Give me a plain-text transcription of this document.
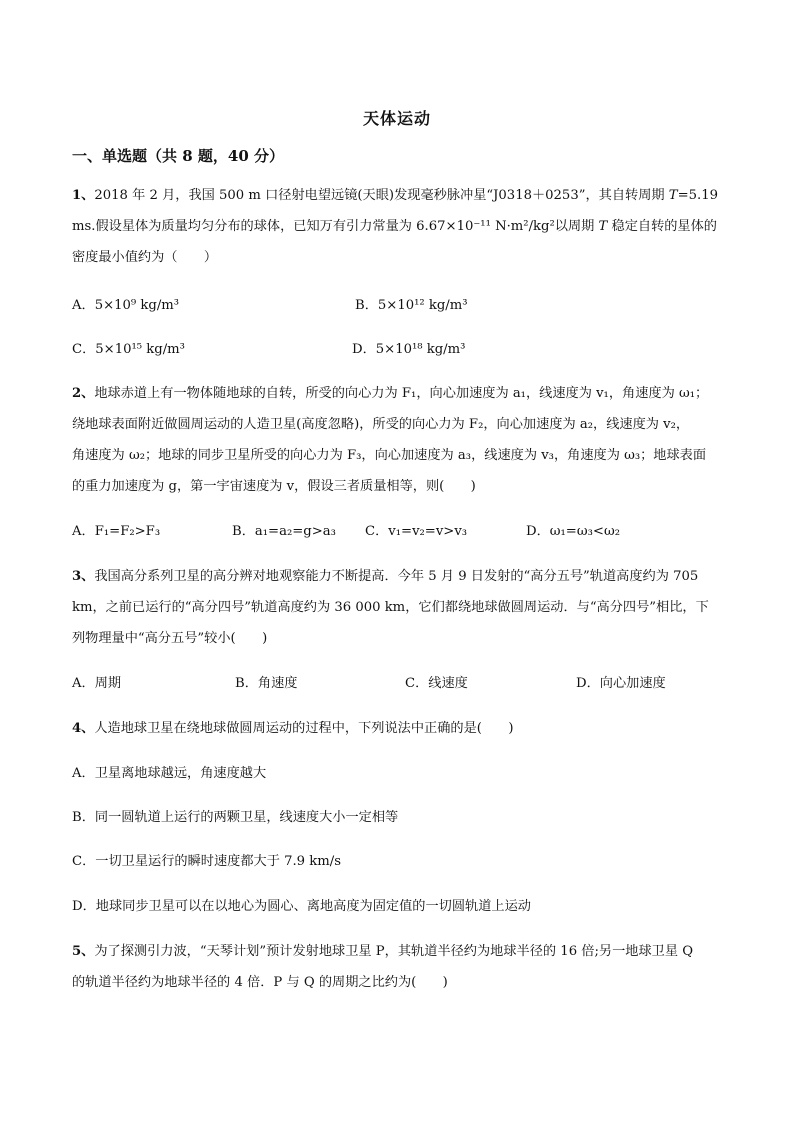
天体运动
一、单选题（共 8 题，40 分）
1、2018 年 2 月，我国 500 m 口径射电望远镜(天眼)发现毫秒脉冲星“J0318＋0253”，其自转周期 𝑇=5.19
ms.假设星体为质量均匀分布的球体，已知万有引力常量为 6.67×10⁻¹¹ N·m²/kg²以周期 𝑇 稳定自转的星体的
密度最小值约为（　　）
A．5×10⁹ kg/m³	B．5×10¹² kg/m³
C．5×10¹⁵ kg/m³	D．5×10¹⁸ kg/m³
2、地球赤道上有一物体随地球的自转，所受的向心力为 F₁，向心加速度为 a₁，线速度为 v₁，角速度为 ω₁；
绕地球表面附近做圆周运动的人造卫星(高度忽略)，所受的向心力为 F₂，向心加速度为 a₂，线速度为 v₂，
角速度为 ω₂；地球的同步卫星所受的向心力为 F₃，向心加速度为 a₃，线速度为 v₃，角速度为 ω₃；地球表面
的重力加速度为 g，第一宇宙速度为 v，假设三者质量相等，则(　　)
A．F₁=F₂>F₃	B．a₁=a₂=g>a₃ C．v₁=v₂=v>v₃	D．ω₁=ω₃<ω₂
3、我国高分系列卫星的高分辨对地观察能力不断提高．今年 5 月 9 日发射的“高分五号”轨道高度约为 705
km，之前已运行的“高分四号”轨道高度约为 36 000 km，它们都绕地球做圆周运动．与“高分四号”相比，下
列物理量中“高分五号”较小(　　)
A．周期	B．角速度	C．线速度	D．向心加速度
4、人造地球卫星在绕地球做圆周运动的过程中，下列说法中正确的是(　　)
A．卫星离地球越远，角速度越大
B．同一圆轨道上运行的两颗卫星，线速度大小一定相等
C．一切卫星运行的瞬时速度都大于 7.9 km/s
D．地球同步卫星可以在以地心为圆心、离地高度为固定值的一切圆轨道上运动
5、为了探测引力波，“天琴计划”预计发射地球卫星 P，其轨道半径约为地球半径的 16 倍;另一地球卫星 Q
的轨道半径约为地球半径的 4 倍．P 与 Q 的周期之比约为(　　)
